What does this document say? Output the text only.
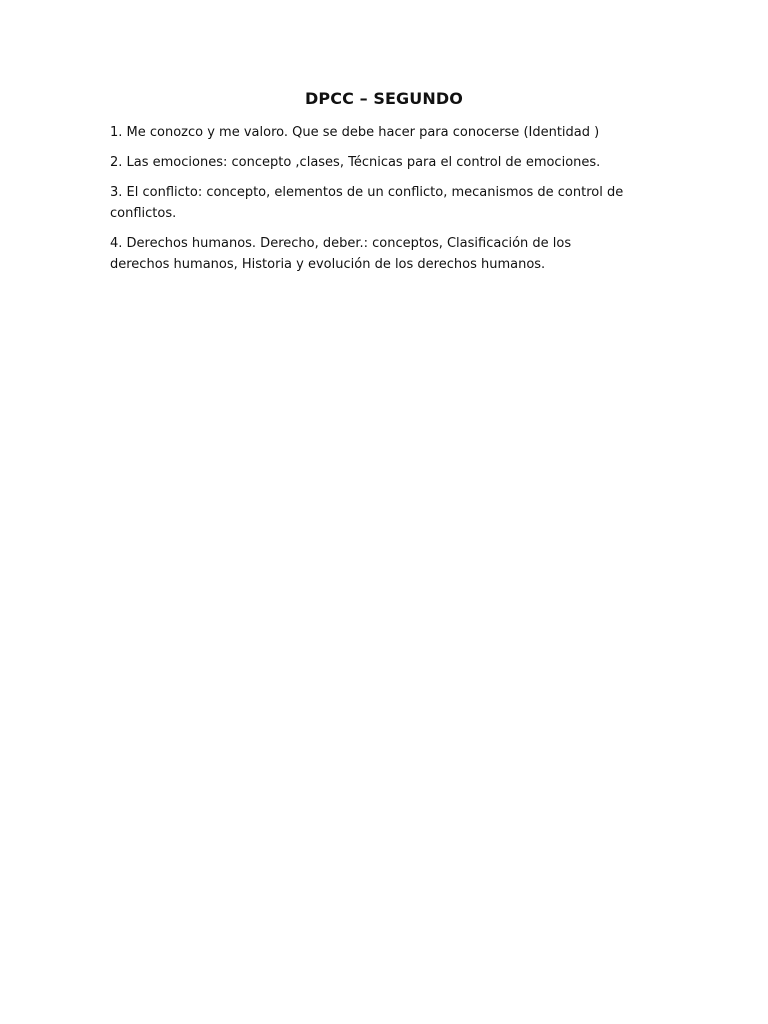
DPCC – SEGUNDO

1. Me conozco y me valoro. Que se debe hacer para conocerse (Identidad )

2. Las emociones: concepto ,clases, Técnicas para el control de emociones.

3. El conflicto: concepto, elementos de un conflicto, mecanismos de control de conflictos.

4. Derechos humanos. Derecho, deber.: conceptos, Clasificación de los derechos humanos, Historia y evolución de los derechos humanos.
